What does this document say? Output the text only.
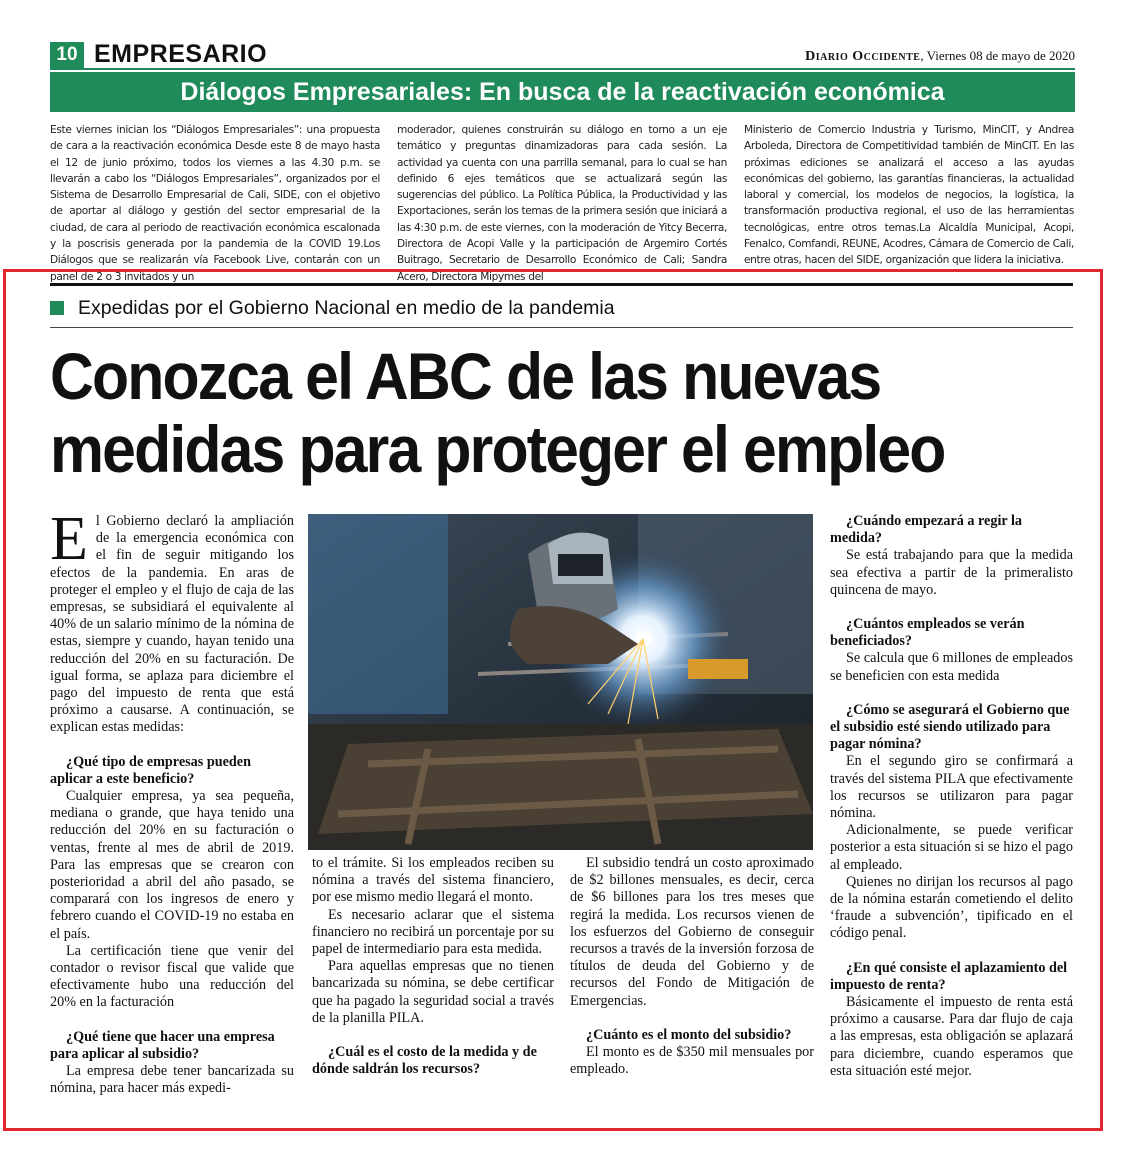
10 EMPRESARIO	Diario Occidente, Viernes 08 de mayo de 2020
Diálogos Empresariales: En busca de la reactivación económica
Este viernes inician los “Diálogos Empresariales”: una propuesta de cara a la reactivación económica Desde este 8 de mayo hasta el 12 de junio próximo, todos los viernes a las 4.30 p.m. se llevarán a cabo los “Diálogos Empresariales”, organizados por el Sistema de Desarrollo Empresarial de Cali, SIDE, con el objetivo de aportar al diálogo y gestión del sector empresarial de la ciudad, de cara al periodo de reactivación económica escalonada y la poscrisis generada por la pandemia de la COVID 19.Los Diálogos que se realizarán vía Facebook Live, contarán con un panel de 2 o 3 invitados y un
moderador, quienes construirán su diálogo en torno a un eje temático y preguntas dinamizadoras para cada sesión. La actividad ya cuenta con una parrilla semanal, para lo cual se han definido 6 ejes temáticos que se actualizará según las sugerencias del público. La Política Pública, la Productividad y las Exportaciones, serán los temas de la primera sesión que iniciará a las 4:30 p.m. de este viernes, con la moderación de Yitcy Becerra, Directora de Acopi Valle y la participación de Argemiro Cortés Buitrago, Secretario de Desarrollo Económico de Cali; Sandra Acero, Directora Mipymes del
Ministerio de Comercio Industria y Turismo, MinCIT, y Andrea Arboleda, Directora de Competitividad también de MinCIT. En las próximas ediciones se analizará el acceso a las ayudas económicas del gobierno, las garantías financieras, la actualidad laboral y comercial, los modelos de negocios, la logística, la transformación productiva regional, el uso de las herramientas tecnológicas, entre otros temas.La Alcaldía Municipal, Acopi, Fenalco, Comfandi, REUNE, Acodres, Cámara de Comercio de Cali, entre otras, hacen del SIDE, organización que lidera la iniciativa.
Expedidas por el Gobierno Nacional en medio de la pandemia
Conozca el ABC de las nuevas
medidas para proteger el empleo

El Gobierno declaró la ampliación de la emergencia económica con el fin de seguir mitigando los efectos de la pandemia. En aras de proteger el empleo y el flujo de caja de las empresas, se subsidiará el equivalente al 40% de un salario mínimo de la nómina de estas, siempre y cuando, hayan tenido una reducción del 20% en su facturación. De igual forma, se aplaza para diciembre el pago del impuesto de renta que está próximo a causarse. A continuación, se explican estas medidas:

¿Qué tipo de empresas pueden aplicar a este beneficio?

Cualquier empresa, ya sea pequeña, mediana o grande, que haya tenido una reducción del 20% en su facturación o ventas, frente al mes de abril de 2019. Para las empresas que se crearon con posterioridad a abril del año pasado, se comparará con los ingresos de enero y febrero cuando el COVID-19 no estaba en el país.

La certificación tiene que venir del contador o revisor fiscal que valide que efectivamente hubo una reducción del 20% en la facturación

¿Qué tiene que hacer una empresa para aplicar al subsidio?

La empresa debe tener bancarizada su nómina, para hacer más expedi-

to el trámite. Si los empleados reciben su nómina a través del sistema financiero, por ese mismo medio llegará el monto.

Es necesario aclarar que el sistema financiero no recibirá un porcentaje por su papel de intermediario para esta medida.

Para aquellas empresas que no tienen bancarizada su nómina, se debe certificar que ha pagado la seguridad social a través de la planilla PILA.

¿Cuál es el costo de la medida y de dónde saldrán los recursos?

El subsidio tendrá un costo aproximado de $2 billones mensuales, es decir, cerca de $6 billones para los tres meses que regirá la medida. Los recursos vienen de los esfuerzos del Gobierno de conseguir recursos a través de la inversión forzosa de títulos de deuda del Gobierno y de recursos del Fondo de Mitigación de Emergencias.

¿Cuánto es el monto del subsidio?

El monto es de $350 mil mensuales por empleado.

¿Cuándo empezará a regir la medida?

Se está trabajando para que la medida sea efectiva a partir de la primeralisto quincena de mayo.

¿Cuántos empleados se verán beneficiados?

Se calcula que 6 millones de empleados se beneficien con esta medida

¿Cómo se asegurará el Gobierno que el subsidio esté siendo utilizado para pagar nómina?

En el segundo giro se confirmará a través del sistema PILA que efectivamente los recursos se utilizaron para pagar nómina.

Adicionalmente, se puede verificar posterior a esta situación si se hizo el pago al empleado.

Quienes no dirijan los recursos al pago de la nómina estarán cometiendo el delito ‘fraude a subvención’, tipificado en el código penal.

¿En qué consiste el aplazamiento del impuesto de renta?

Básicamente el impuesto de renta está próximo a causarse. Para dar flujo de caja a las empresas, esta obligación se aplazará para diciembre, cuando esperamos que esta situación esté mejor.
